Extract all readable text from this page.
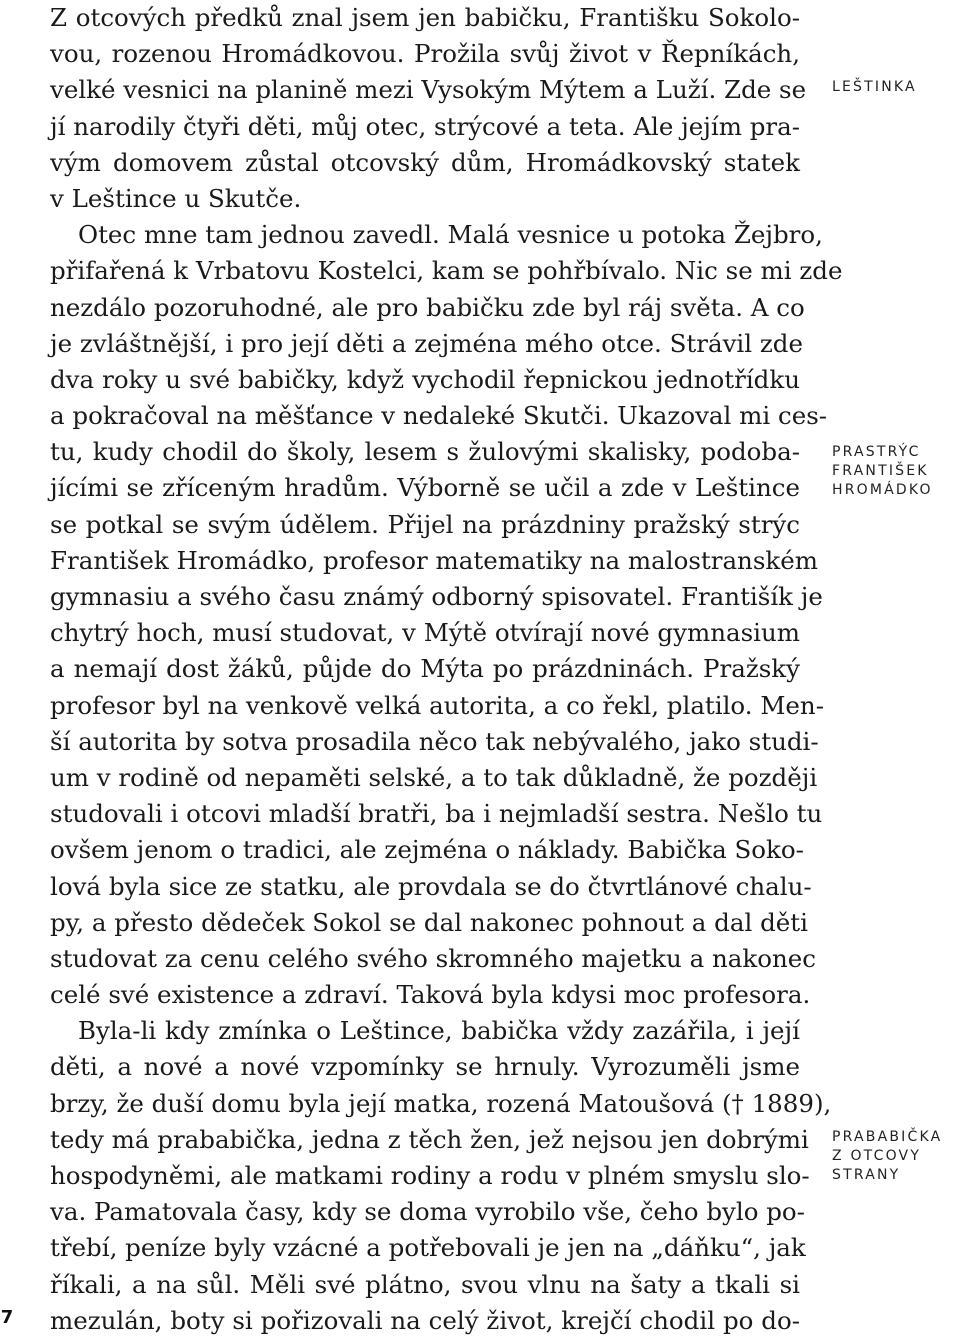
Z otcových předků znal jsem jen babičku, Františku Sokolo-
vou, rozenou Hromádkovou. Prožila svůj život v Řepníkách,
velké vesnici na planině mezi Vysokým Mýtem a Luží. Zde se
jí narodily čtyři děti, můj otec, strýcové a teta. Ale jejím pra-
vým domovem zůstal otcovský dům, Hromádkovský statek
v Leštince u Skutče.
Otec mne tam jednou zavedl. Malá vesnice u potoka Žejbro,
přifařená k Vrbatovu Kostelci, kam se pohřbívalo. Nic se mi zde
nezdálo pozoruhodné, ale pro babičku zde byl ráj světa. A co
je zvláštnější, i pro její děti a zejména mého otce. Strávil zde
dva roky u své babičky, když vychodil řepnickou jednotřídku
a pokračoval na měšťance v nedaleké Skutči. Ukazoval mi ces-
tu, kudy chodil do školy, lesem s žulovými skalisky, podoba-
jícími se zříceným hradům. Výborně se učil a zde v Leštince
se potkal se svým údělem. Přijel na prázdniny pražský strýc
František Hromádko, profesor matematiky na malostranském
gymnasiu a svého času známý odborný spisovatel. Františík je
chytrý hoch, musí studovat, v Mýtě otvírají nové gymnasium
a nemají dost žáků, půjde do Mýta po prázdninách. Pražský
profesor byl na venkově velká autorita, a co řekl, platilo. Men-
ší autorita by sotva prosadila něco tak nebývalého, jako studi-
um v rodině od nepaměti selské, a to tak důkladně, že později
studovali i otcovi mladší bratři, ba i nejmladší sestra. Nešlo tu
ovšem jenom o tradici, ale zejména o náklady. Babička Soko-
lová byla sice ze statku, ale provdala se do čtvrtlánové chalu-
py, a přesto dědeček Sokol se dal nakonec pohnout a dal děti
studovat za cenu celého svého skromného majetku a nakonec
celé své existence a zdraví. Taková byla kdysi moc profesora.
Byla-li kdy zmínka o Leštince, babička vždy zazářila, i její
děti, a nové a nové vzpomínky se hrnuly. Vyrozuměli jsme
brzy, že duší domu byla její matka, rozená Matoušová († 1889),
tedy má prababička, jedna z těch žen, jež nejsou jen dobrými
hospodyněmi, ale matkami rodiny a rodu v plném smyslu slo-
va. Pamatovala časy, kdy se doma vyrobilo vše, čeho bylo po-
třebí, peníze byly vzácné a potřebovali je jen na „dáňku“, jak
říkali, a na sůl. Měli své plátno, svou vlnu na šaty a tkali si
mezulán, boty si pořizovali na celý život, krejčí chodil po do-
LEŠTINKA
PRASTRÝC
FRANTIŠEK
HROMÁDKO
PRABABIČKA
Z OTCOVY
STRANY
7
